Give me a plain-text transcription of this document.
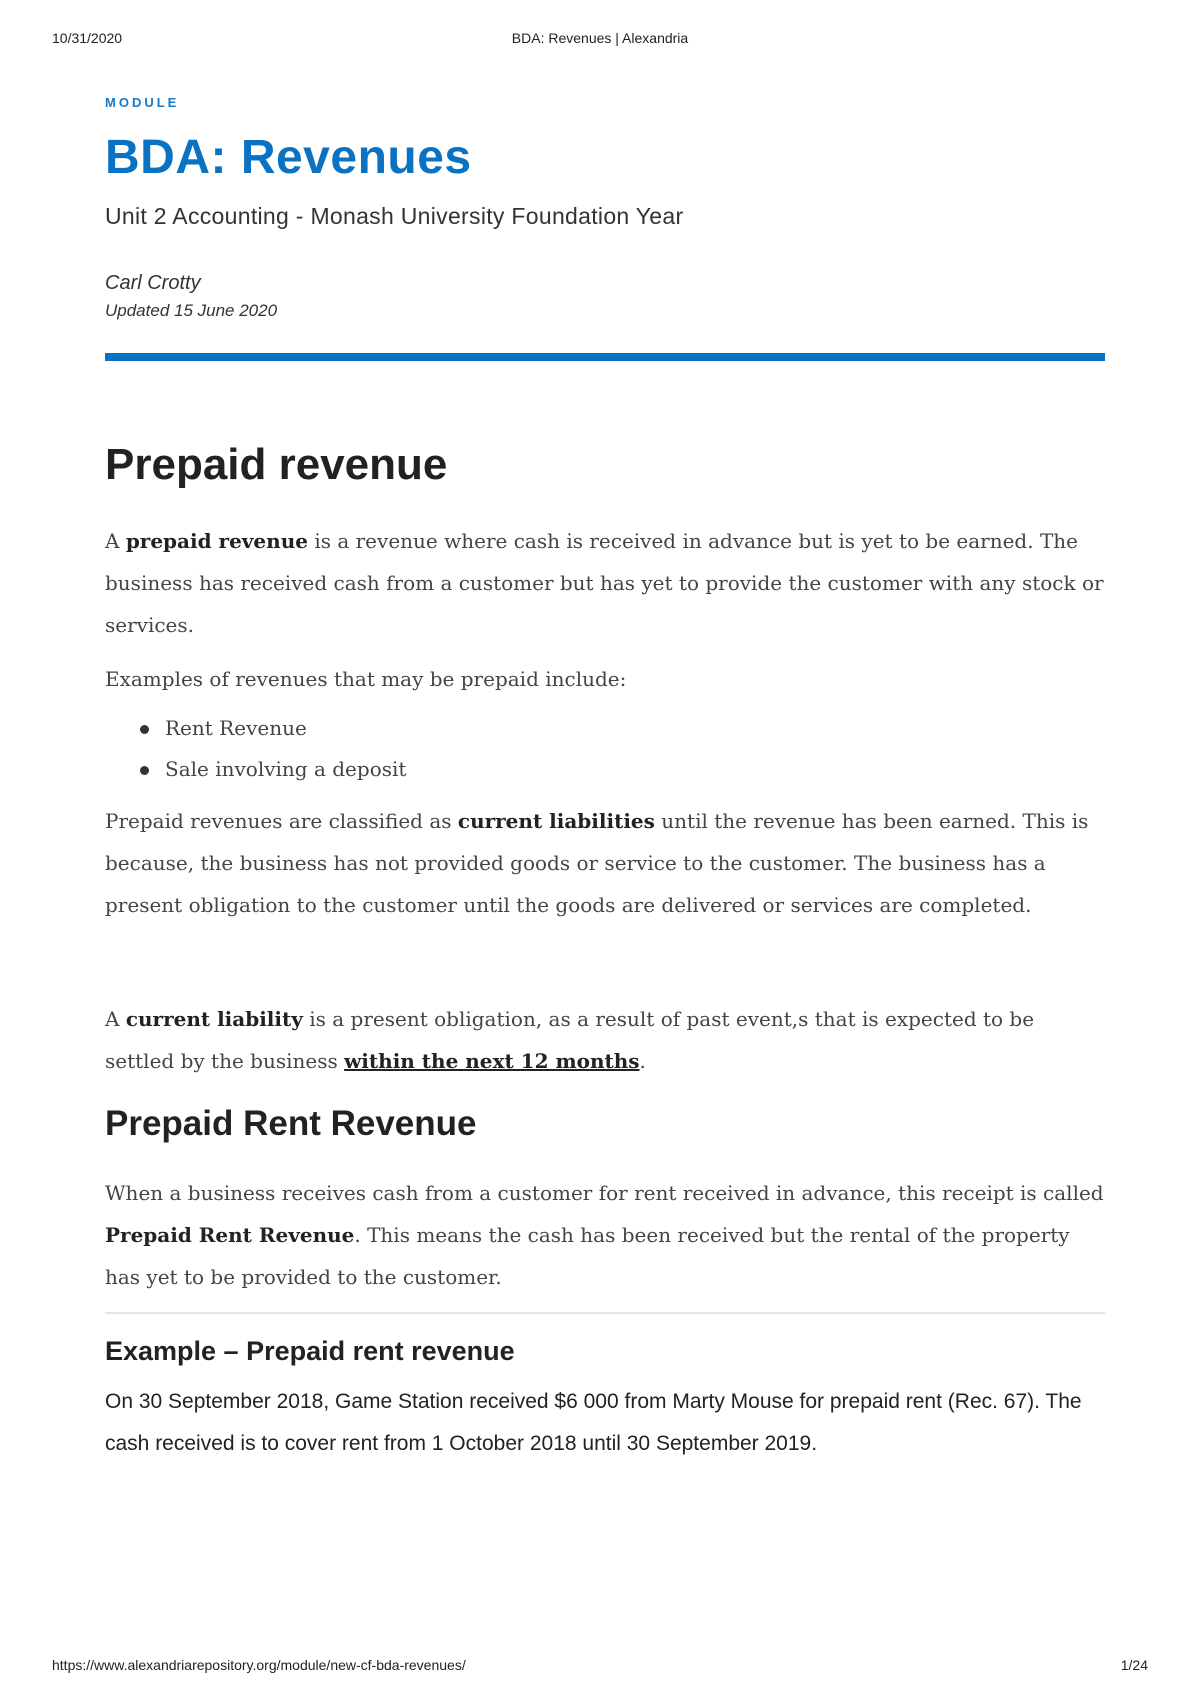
10/31/2020	BDA: Revenues | Alexandria
MODULE
BDA: Revenues
Unit 2 Accounting - Monash University Foundation Year
Carl Crotty
Updated 15 June 2020
Prepaid revenue

A prepaid revenue is a revenue where cash is received in advance but is yet to be earned. The business has received cash from a customer but has yet to provide the customer with any stock or services.

Examples of revenues that may be prepaid include:

Rent Revenue
Sale involving a deposit

Prepaid revenues are classified as current liabilities until the revenue has been earned. This is because, the business has not provided goods or service to the customer. The business has a present obligation to the customer until the goods are delivered or services are completed.

A current liability is a present obligation, as a result of past event,s that is expected to be settled by the business within the next 12 months.

Prepaid Rent Revenue

When a business receives cash from a customer for rent received in advance, this receipt is called Prepaid Rent Revenue. This means the cash has been received but the rental of the property has yet to be provided to the customer.

Example – Prepaid rent revenue

On 30 September 2018, Game Station received $6 000 from Marty Mouse for prepaid rent (Rec. 67). The cash received is to cover rent from 1 October 2018 until 30 September 2019.

https://www.alexandriarepository.org/module/new-cf-bda-revenues/	1/24
